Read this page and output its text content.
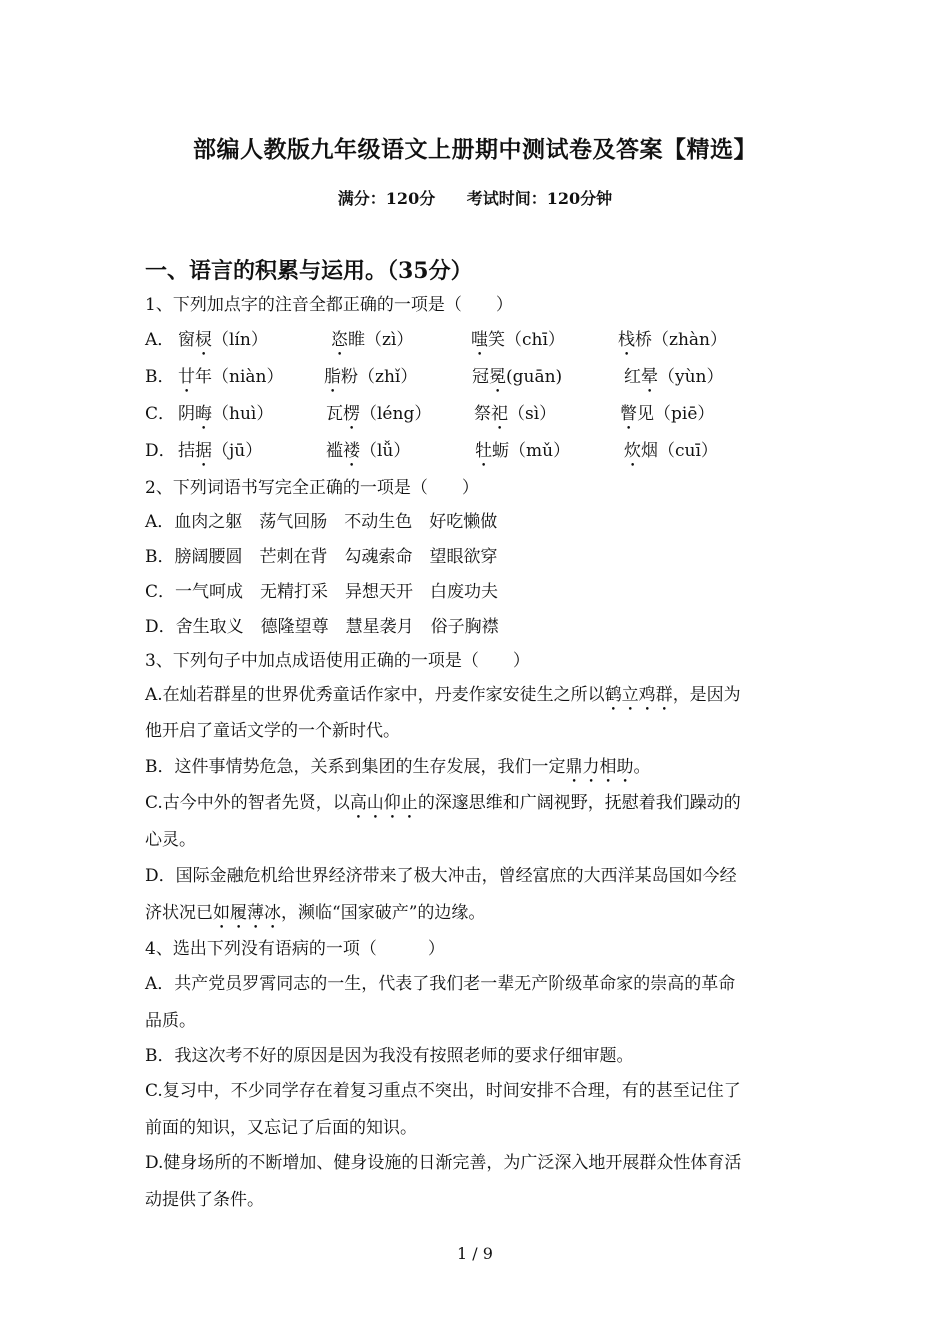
部编人教版九年级语文上册期中测试卷及答案【精选】
满分：120分 考试时间：120分钟
一、语言的积累与运用。（35分）
1、下列加点字的注音全都正确的一项是（　　）
A． 窗棂（lín）	恣睢（zì）	嗤笑（chī）	栈桥（zhàn）
B． 廿年（niàn） 脂粉（zhǐ）	冠冕(guān)	红晕（yùn）
C． 阴晦（huì）	瓦楞（léng）	祭祀（sì）	瞥见（piē）
D． 拮据（jū）	褴褛（lǚ）	牡蛎（mǔ）	炊烟（cuī）
2、下列词语书写完全正确的一项是（　　）
A．血肉之躯　荡气回肠　不动生色　好吃懒做
B．膀阔腰圆　芒刺在背　勾魂索命　望眼欲穿
C．一气呵成　无精打采　异想天开　白废功夫
D．舍生取义　德隆望尊　慧星袭月　俗子胸襟
3、下列句子中加点成语使用正确的一项是（　　）
A.在灿若群星的世界优秀童话作家中，丹麦作家安徒生之所以鹤立鸡群，是因为
他开启了童话文学的一个新时代。
B．这件事情势危急，关系到集团的生存发展，我们一定鼎力相助。
C.古今中外的智者先贤，以高山仰止的深邃思维和广阔视野，抚慰着我们躁动的
心灵。
D．国际金融危机给世界经济带来了极大冲击，曾经富庶的大西洋某岛国如今经
济状况已如履薄冰，濒临“国家破产”的边缘。
4、选出下列没有语病的一项（　　　）
A．共产党员罗霄同志的一生，代表了我们老一辈无产阶级革命家的崇高的革命
品质。
B．我这次考不好的原因是因为我没有按照老师的要求仔细审题。
C.复习中，不少同学存在着复习重点不突出，时间安排不合理，有的甚至记住了
前面的知识，又忘记了后面的知识。
D.健身场所的不断增加、健身设施的日渐完善，为广泛深入地开展群众性体育活
动提供了条件。
1 / 9
